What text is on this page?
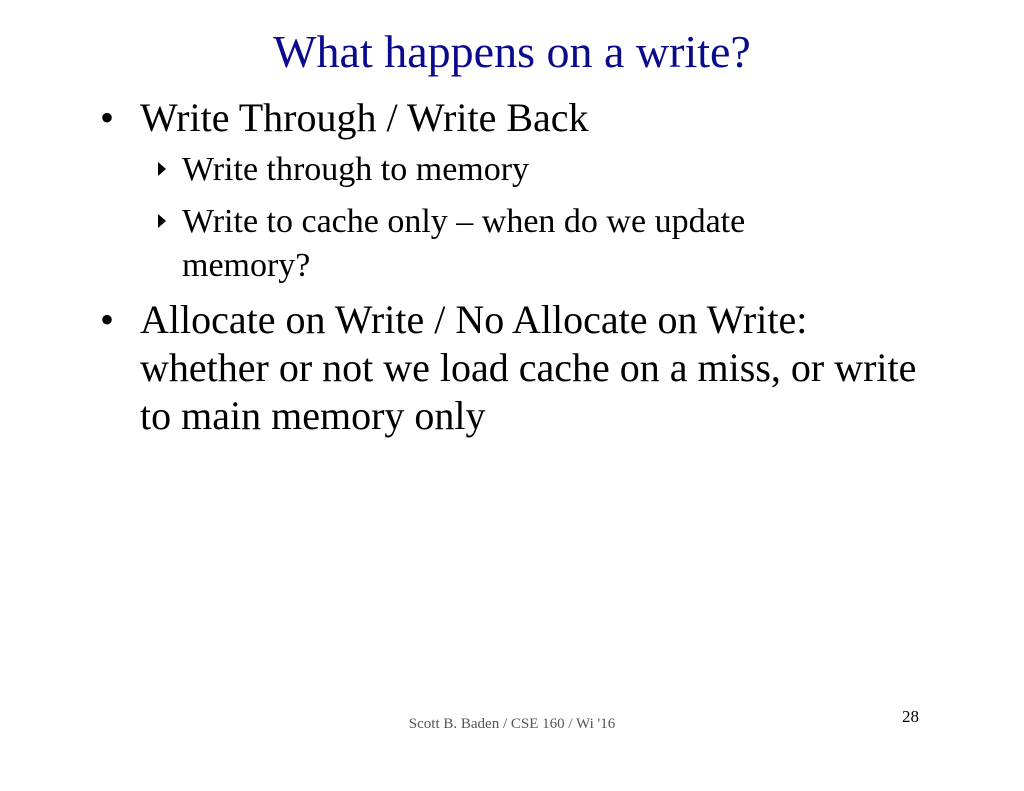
What happens on a write?
• Write Through / Write Back
Write through to memory
Write to cache only – when do we update memory?
• Allocate on Write / No Allocate on Write: whether or not we load cache on a miss, or write to main memory only
Scott B. Baden / CSE 160 / Wi '16	28
